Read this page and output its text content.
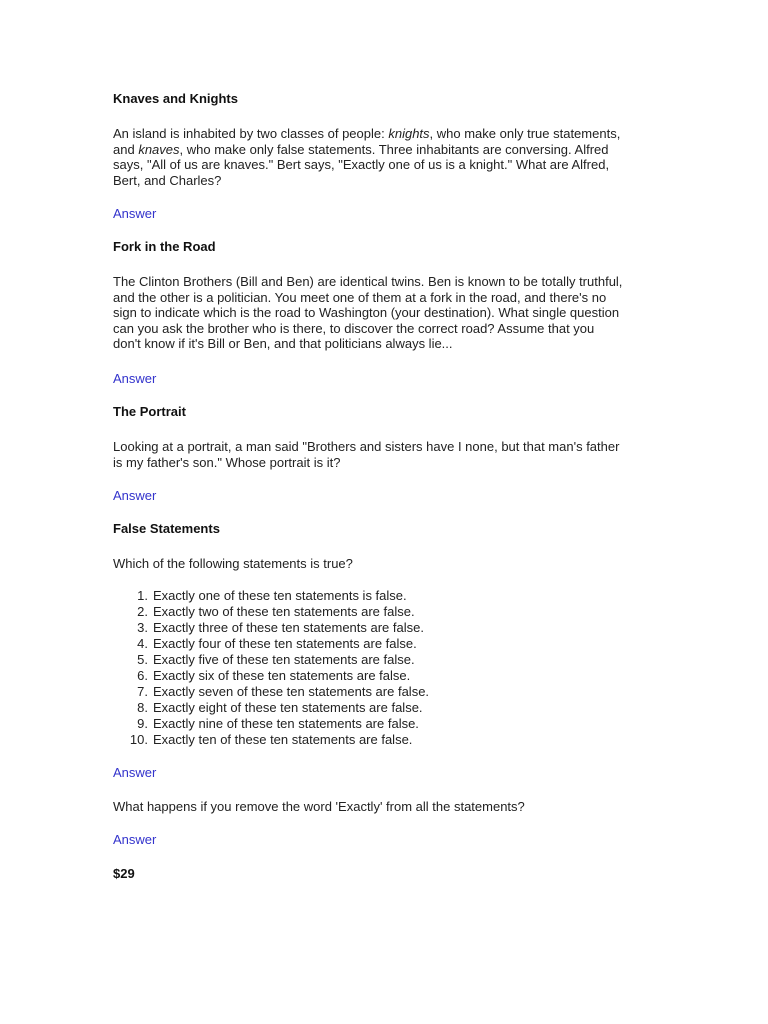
Knaves and Knights
An island is inhabited by two classes of people: knights, who make only true statements,
and knaves, who make only false statements. Three inhabitants are conversing. Alfred
says, "All of us are knaves." Bert says, "Exactly one of us is a knight." What are Alfred,
Bert, and Charles?
Answer
Fork in the Road
The Clinton Brothers (Bill and Ben) are identical twins. Ben is known to be totally truthful,
and the other is a politician. You meet one of them at a fork in the road, and there's no
sign to indicate which is the road to Washington (your destination). What single question
can you ask the brother who is there, to discover the correct road? Assume that you
don't know if it's Bill or Ben, and that politicians always lie...
Answer
The Portrait
Looking at a portrait, a man said "Brothers and sisters have I none, but that man's father
is my father's son." Whose portrait is it?
Answer
False Statements

Which of the following statements is true?

1. Exactly one of these ten statements is false.
2. Exactly two of these ten statements are false.
3. Exactly three of these ten statements are false.
4. Exactly four of these ten statements are false.
5. Exactly five of these ten statements are false.
6. Exactly six of these ten statements are false.
7. Exactly seven of these ten statements are false.
8. Exactly eight of these ten statements are false.
9. Exactly nine of these ten statements are false.
10. Exactly ten of these ten statements are false.
Answer

What happens if you remove the word 'Exactly' from all the statements?

Answer
$29
